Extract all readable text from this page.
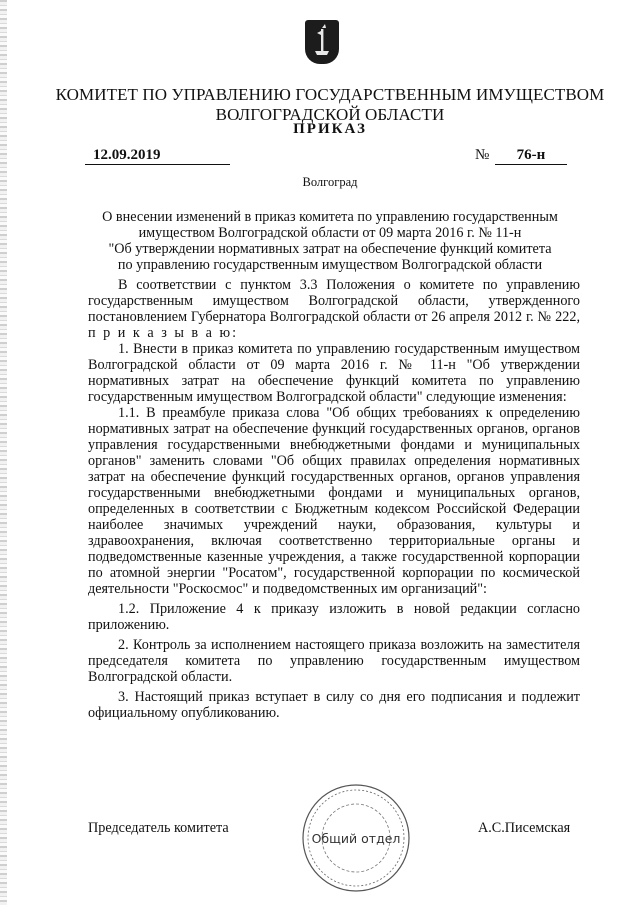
КОМИТЕТ ПО УПРАВЛЕНИЮ ГОСУДАРСТВЕННЫМ ИМУЩЕСТВОМ
ВОЛГОГРАДСКОЙ ОБЛАСТИ
ПРИКАЗ
12.09.2019	№	76-н
Волгоград
О внесении изменений в приказ комитета по управлению государственным
имуществом Волгоградской области от 09 марта 2016 г. № 11-н
"Об утверждении нормативных затрат на обеспечение функций комитета
по управлению государственным имуществом Волгоградской области

В соответствии с пунктом 3.3 Положения о комитете по управлению государственным имуществом Волгоградской области, утвержденного постановлением Губернатора Волгоградской области от 26 апреля 2012 г. № 222, п р и к а з ы в а ю:

1. Внести в приказ комитета по управлению государственным имуществом Волгоградской области от 09 марта 2016 г. № 11-н "Об утверждении нормативных затрат на обеспечение функций комитета по управлению государственным имуществом Волгоградской области" следующие изменения:

1.1. В преамбуле приказа слова "Об общих требованиях к определению нормативных затрат на обеспечение функций государственных органов, органов управления государственными внебюджетными фондами и муниципальных органов" заменить словами "Об общих правилах определения нормативных затрат на обеспечение функций государственных органов, органов управления государственными внебюджетными фондами и муниципальных органов, определенных в соответствии с Бюджетным кодексом Российской Федерации наиболее значимых учреждений науки, образования, культуры и здравоохранения, включая соответственно территориальные органы и подведомственные казенные учреждения, а также государственной корпорации по атомной энергии "Росатом", государственной корпорации по космической деятельности "Роскосмос" и подведомственных им организаций":

1.2. Приложение 4 к приказу изложить в новой редакции согласно приложению.

2. Контроль за исполнением настоящего приказа возложить на заместителя председателя комитета по управлению государственным имуществом Волгоградской области.

3. Настоящий приказ вступает в силу со дня его подписания и подлежит официальному опубликованию.

Председатель комитета	А.С.Писемская
Общий отдел
